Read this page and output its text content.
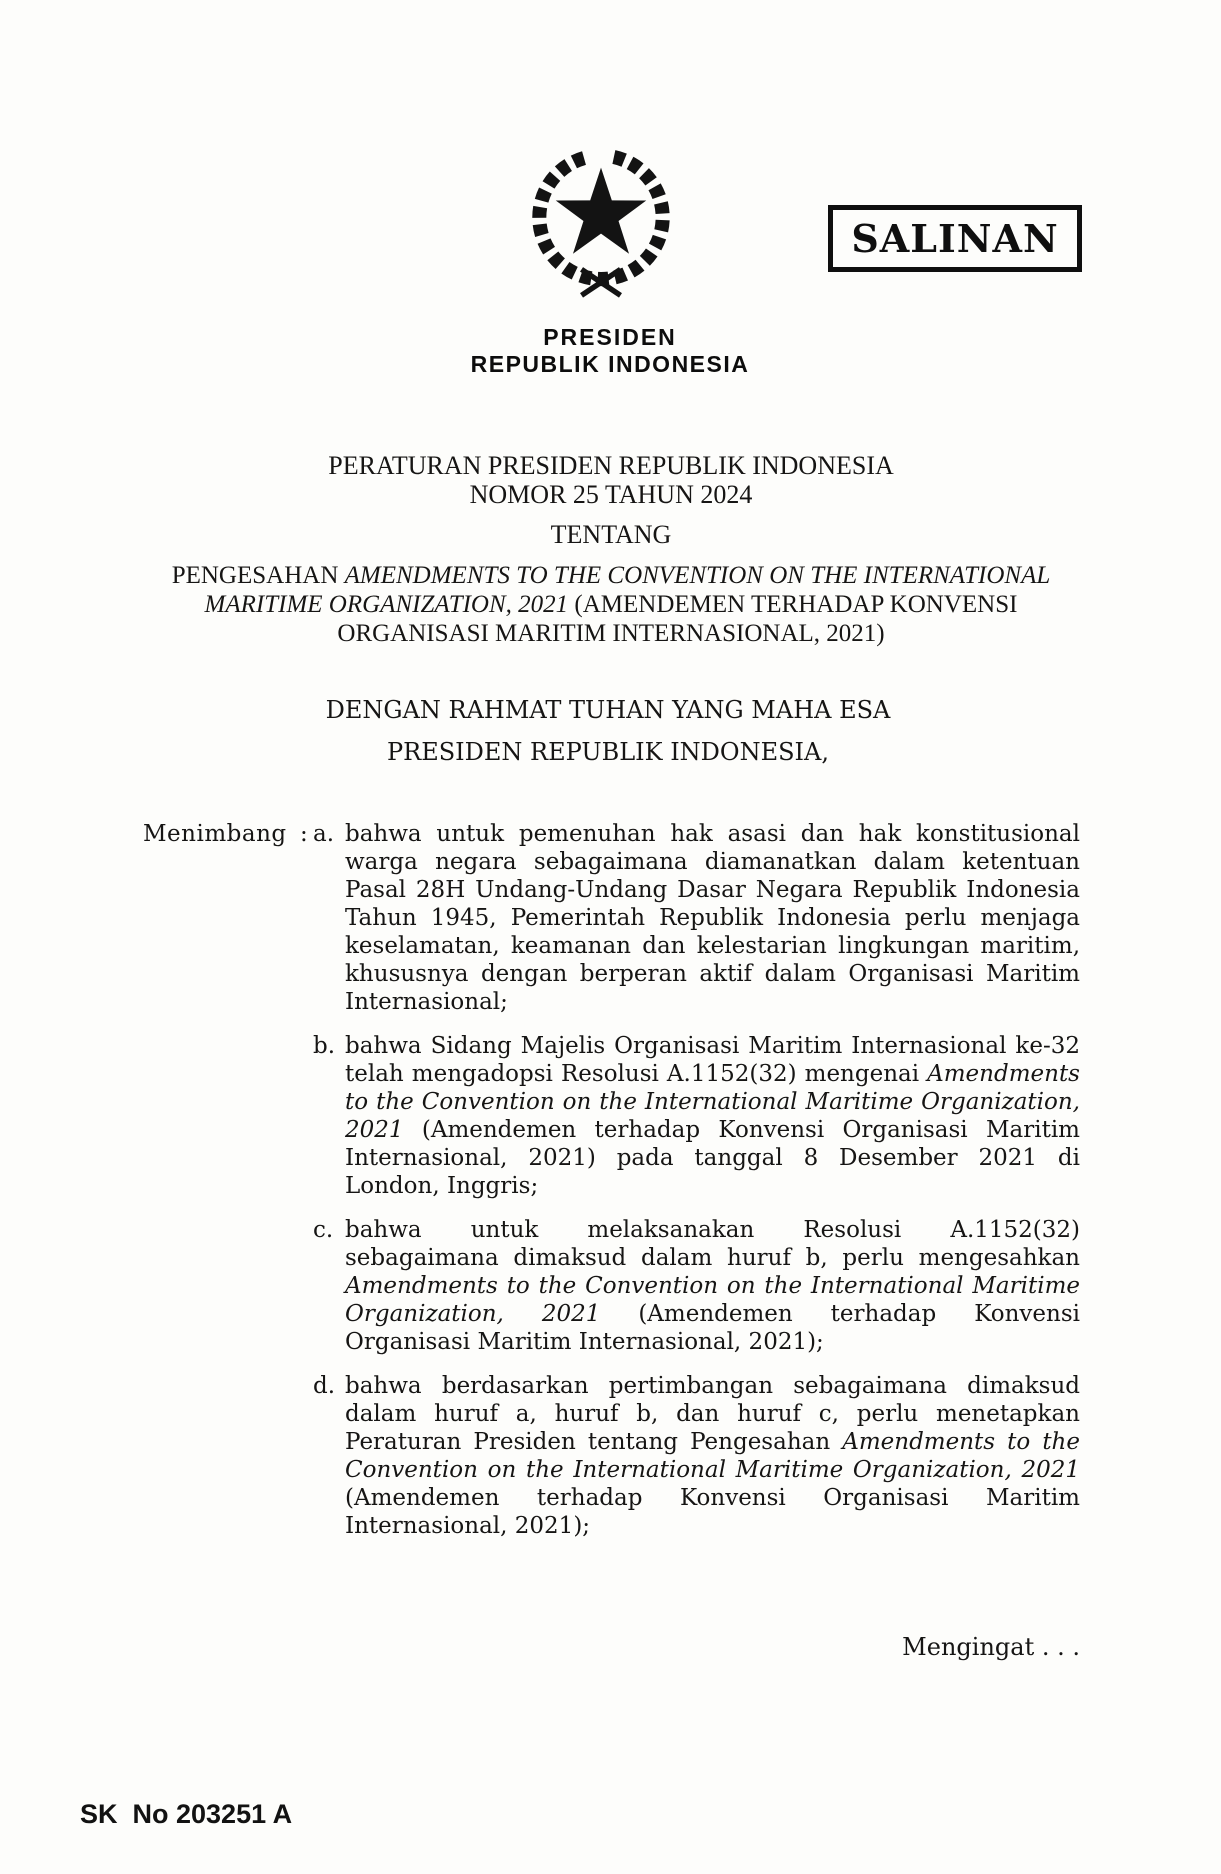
SALINAN
PRESIDEN
REPUBLIK INDONESIA
PERATURAN PRESIDEN REPUBLIK INDONESIA
NOMOR 25 TAHUN 2024
TENTANG
PENGESAHAN AMENDMENTS TO THE CONVENTION ON THE INTERNATIONAL
MARITIME ORGANIZATION, 2021 (AMENDEMEN TERHADAP KONVENSI
ORGANISASI MARITIM INTERNASIONAL, 2021)
DENGAN RAHMAT TUHAN YANG MAHA ESA
PRESIDEN REPUBLIK INDONESIA,
Menimbang : a. bahwa untuk pemenuhan hak asasi dan hak konstitusional
warga negara sebagaimana diamanatkan dalam ketentuan
Pasal 28H Undang-Undang Dasar Negara Republik Indonesia
Tahun 1945, Pemerintah Republik Indonesia perlu menjaga
keselamatan, keamanan dan kelestarian lingkungan maritim,
khususnya dengan berperan aktif dalam Organisasi Maritim
Internasional;
b. bahwa Sidang Majelis Organisasi Maritim Internasional ke-32
telah mengadopsi Resolusi A.1152(32) mengenai Amendments
to the Convention on the International Maritime Organization,
2021 (Amendemen terhadap Konvensi Organisasi Maritim
Internasional, 2021) pada tanggal 8 Desember 2021 di
London, Inggris;
c. bahwa untuk melaksanakan Resolusi A.1152(32)
sebagaimana dimaksud dalam huruf b, perlu mengesahkan
Amendments to the Convention on the International Maritime
Organization, 2021 (Amendemen terhadap Konvensi
Organisasi Maritim Internasional, 2021);
d. bahwa berdasarkan pertimbangan sebagaimana dimaksud
dalam huruf a, huruf b, dan huruf c, perlu menetapkan
Peraturan Presiden tentang Pengesahan Amendments to the
Convention on the International Maritime Organization, 2021
(Amendemen terhadap Konvensi Organisasi Maritim
Internasional, 2021);
Mengingat . . .
SK  No 203251 A
